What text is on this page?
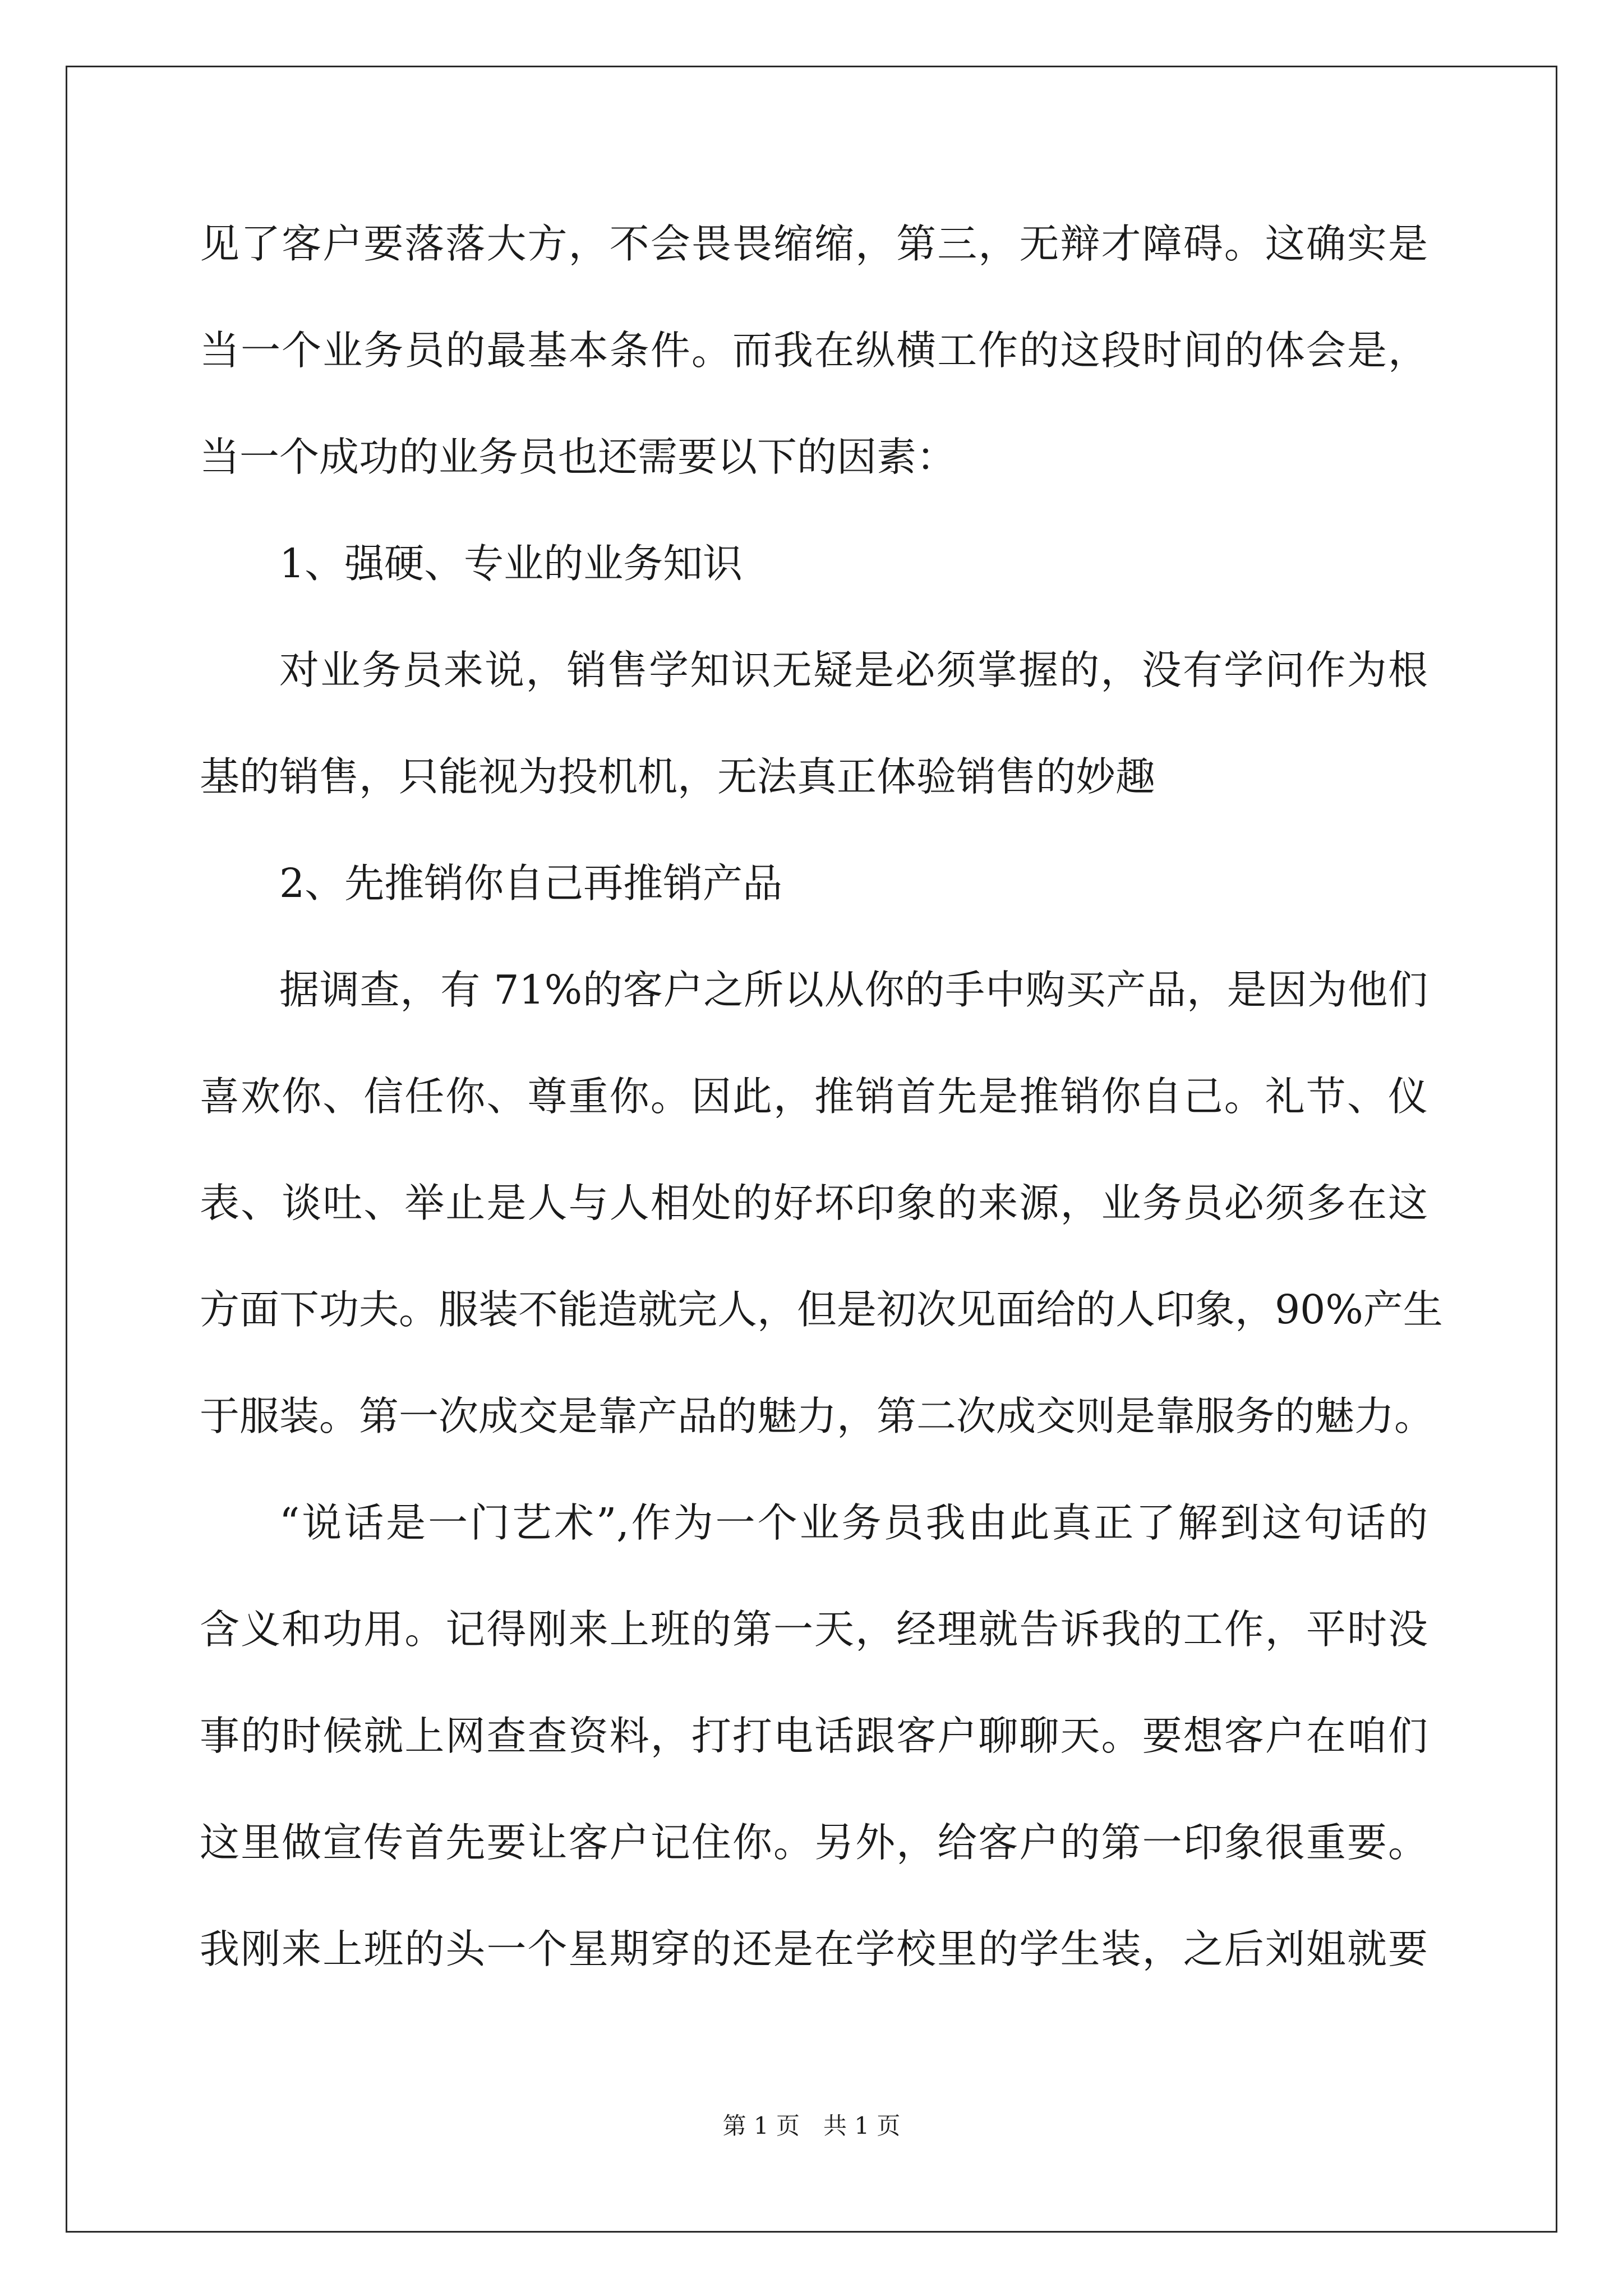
见了客户要落落大方，不会畏畏缩缩，第三，无辩才障碍。这确实是
当一个业务员的最基本条件。而我在纵横工作的这段时间的体会是，
当一个成功的业务员也还需要以下的因素：
1、强硬、专业的业务知识
对业务员来说，销售学知识无疑是必须掌握的，没有学问作为根
基的销售，只能视为投机机，无法真正体验销售的妙趣
2、先推销你自己再推销产品
据调查，有 71%的客户之所以从你的手中购买产品，是因为他们
喜欢你、信任你、尊重你。因此，推销首先是推销你自己。礼节、仪
表、谈吐、举止是人与人相处的好坏印象的来源，业务员必须多在这
方面下功夫。服装不能造就完人，但是初次见面给的人印象，90%产生
于服装。第一次成交是靠产品的魅力，第二次成交则是靠服务的魅力。
“说话是一门艺术”,作为一个业务员我由此真正了解到这句话的
含义和功用。记得刚来上班的第一天，经理就告诉我的工作，平时没
事的时候就上网查查资料，打打电话跟客户聊聊天。要想客户在咱们
这里做宣传首先要让客户记住你。另外，给客户的第一印象很重要。
我刚来上班的头一个星期穿的还是在学校里的学生装，之后刘姐就要
第 1 页　共 1 页
